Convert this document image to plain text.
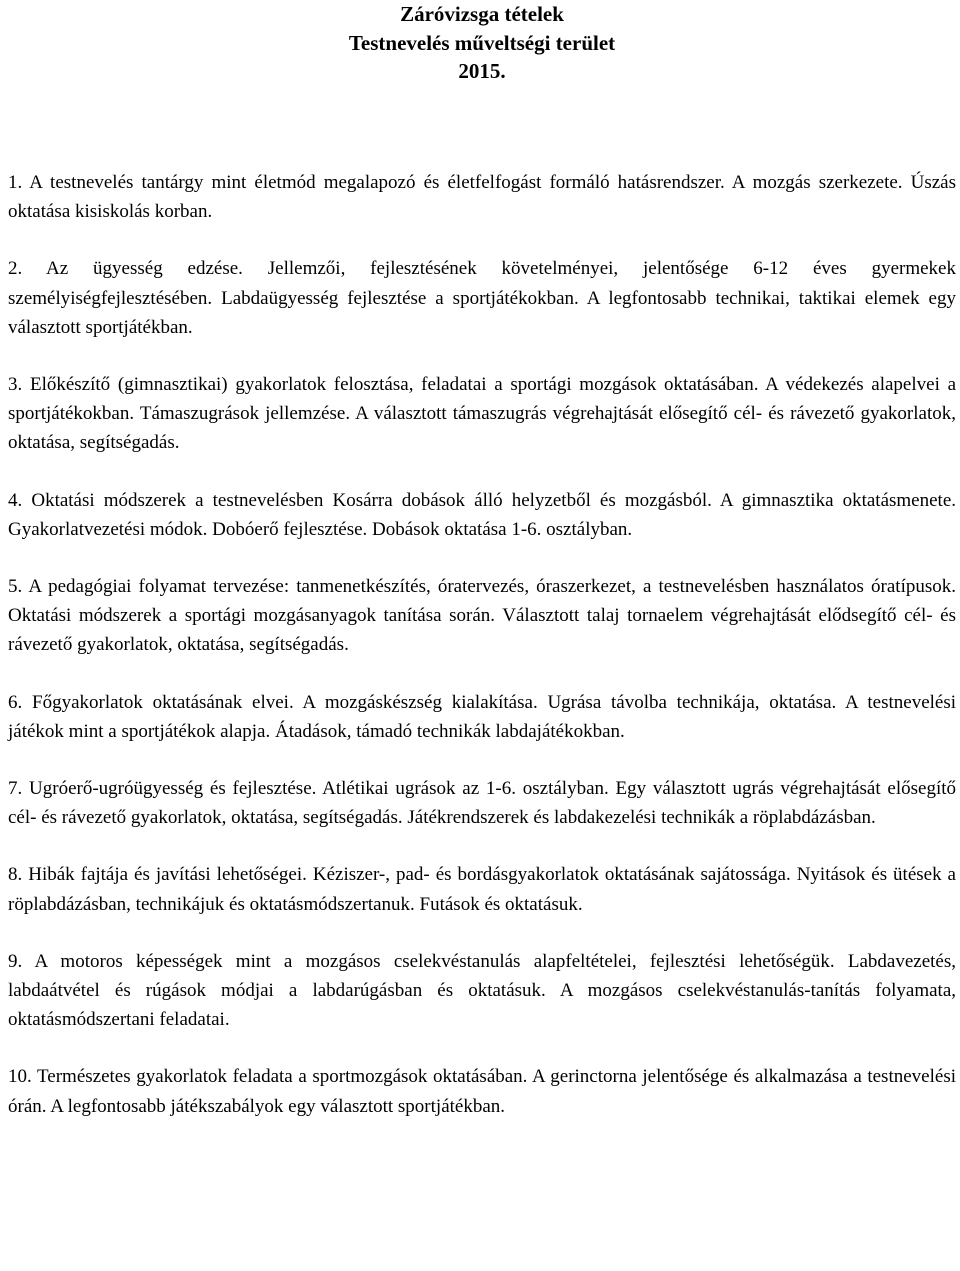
Záróvizsga tételek
Testnevelés műveltségi terület
2015.

1. A testnevelés tantárgy mint életmód megalapozó és életfelfogást formáló hatásrendszer. A mozgás szerkezete. Úszás oktatása kisiskolás korban.

2. Az ügyesség edzése. Jellemzői, fejlesztésének követelményei, jelentősége 6-12 éves gyermekek személyiségfejlesztésében. Labdaügyesség fejlesztése a sportjátékokban. A legfontosabb technikai, taktikai elemek egy választott sportjátékban.

3. Előkészítő (gimnasztikai) gyakorlatok felosztása, feladatai a sportági mozgások oktatásában. A védekezés alapelvei a sportjátékokban. Támaszugrások jellemzése. A választott támaszugrás végrehajtását elősegítő cél- és rávezető gyakorlatok, oktatása, segítségadás.

4. Oktatási módszerek a testnevelésben Kosárra dobások álló helyzetből és mozgásból. A gimnasztika oktatásmenete. Gyakorlatvezetési módok. Dobóerő fejlesztése. Dobások oktatása 1-6. osztályban.

5. A pedagógiai folyamat tervezése: tanmenetkészítés, óratervezés, óraszerkezet, a testnevelésben használatos óratípusok. Oktatási módszerek a sportági mozgásanyagok tanítása során. Választott talaj tornaelem végrehajtását elődsegítő cél- és rávezető gyakorlatok, oktatása, segítségadás.

6. Főgyakorlatok oktatásának elvei. A mozgáskészség kialakítása. Ugrása távolba technikája, oktatása. A testnevelési játékok mint a sportjátékok alapja. Átadások, támadó technikák labdajátékokban.

7. Ugróerő-ugróügyesség és fejlesztése. Atlétikai ugrások az 1-6. osztályban. Egy választott ugrás végrehajtását elősegítő cél- és rávezető gyakorlatok, oktatása, segítségadás. Játékrendszerek és labdakezelési technikák a röplabdázásban.

8. Hibák fajtája és javítási lehetőségei. Kéziszer-, pad- és bordásgyakorlatok oktatásának sajátossága. Nyitások és ütések a röplabdázásban, technikájuk és oktatásmódszertanuk. Futások és oktatásuk.

9. A motoros képességek mint a mozgásos cselekvéstanulás alapfeltételei, fejlesztési lehetőségük. Labdavezetés, labdaátvétel és rúgások módjai a labdarúgásban és oktatásuk. A mozgásos cselekvéstanulás-tanítás folyamata, oktatásmódszertani feladatai.

10. Természetes gyakorlatok feladata a sportmozgások oktatásában. A gerinctorna jelentősége és alkalmazása a testnevelési órán. A legfontosabb játékszabályok egy választott sportjátékban.
